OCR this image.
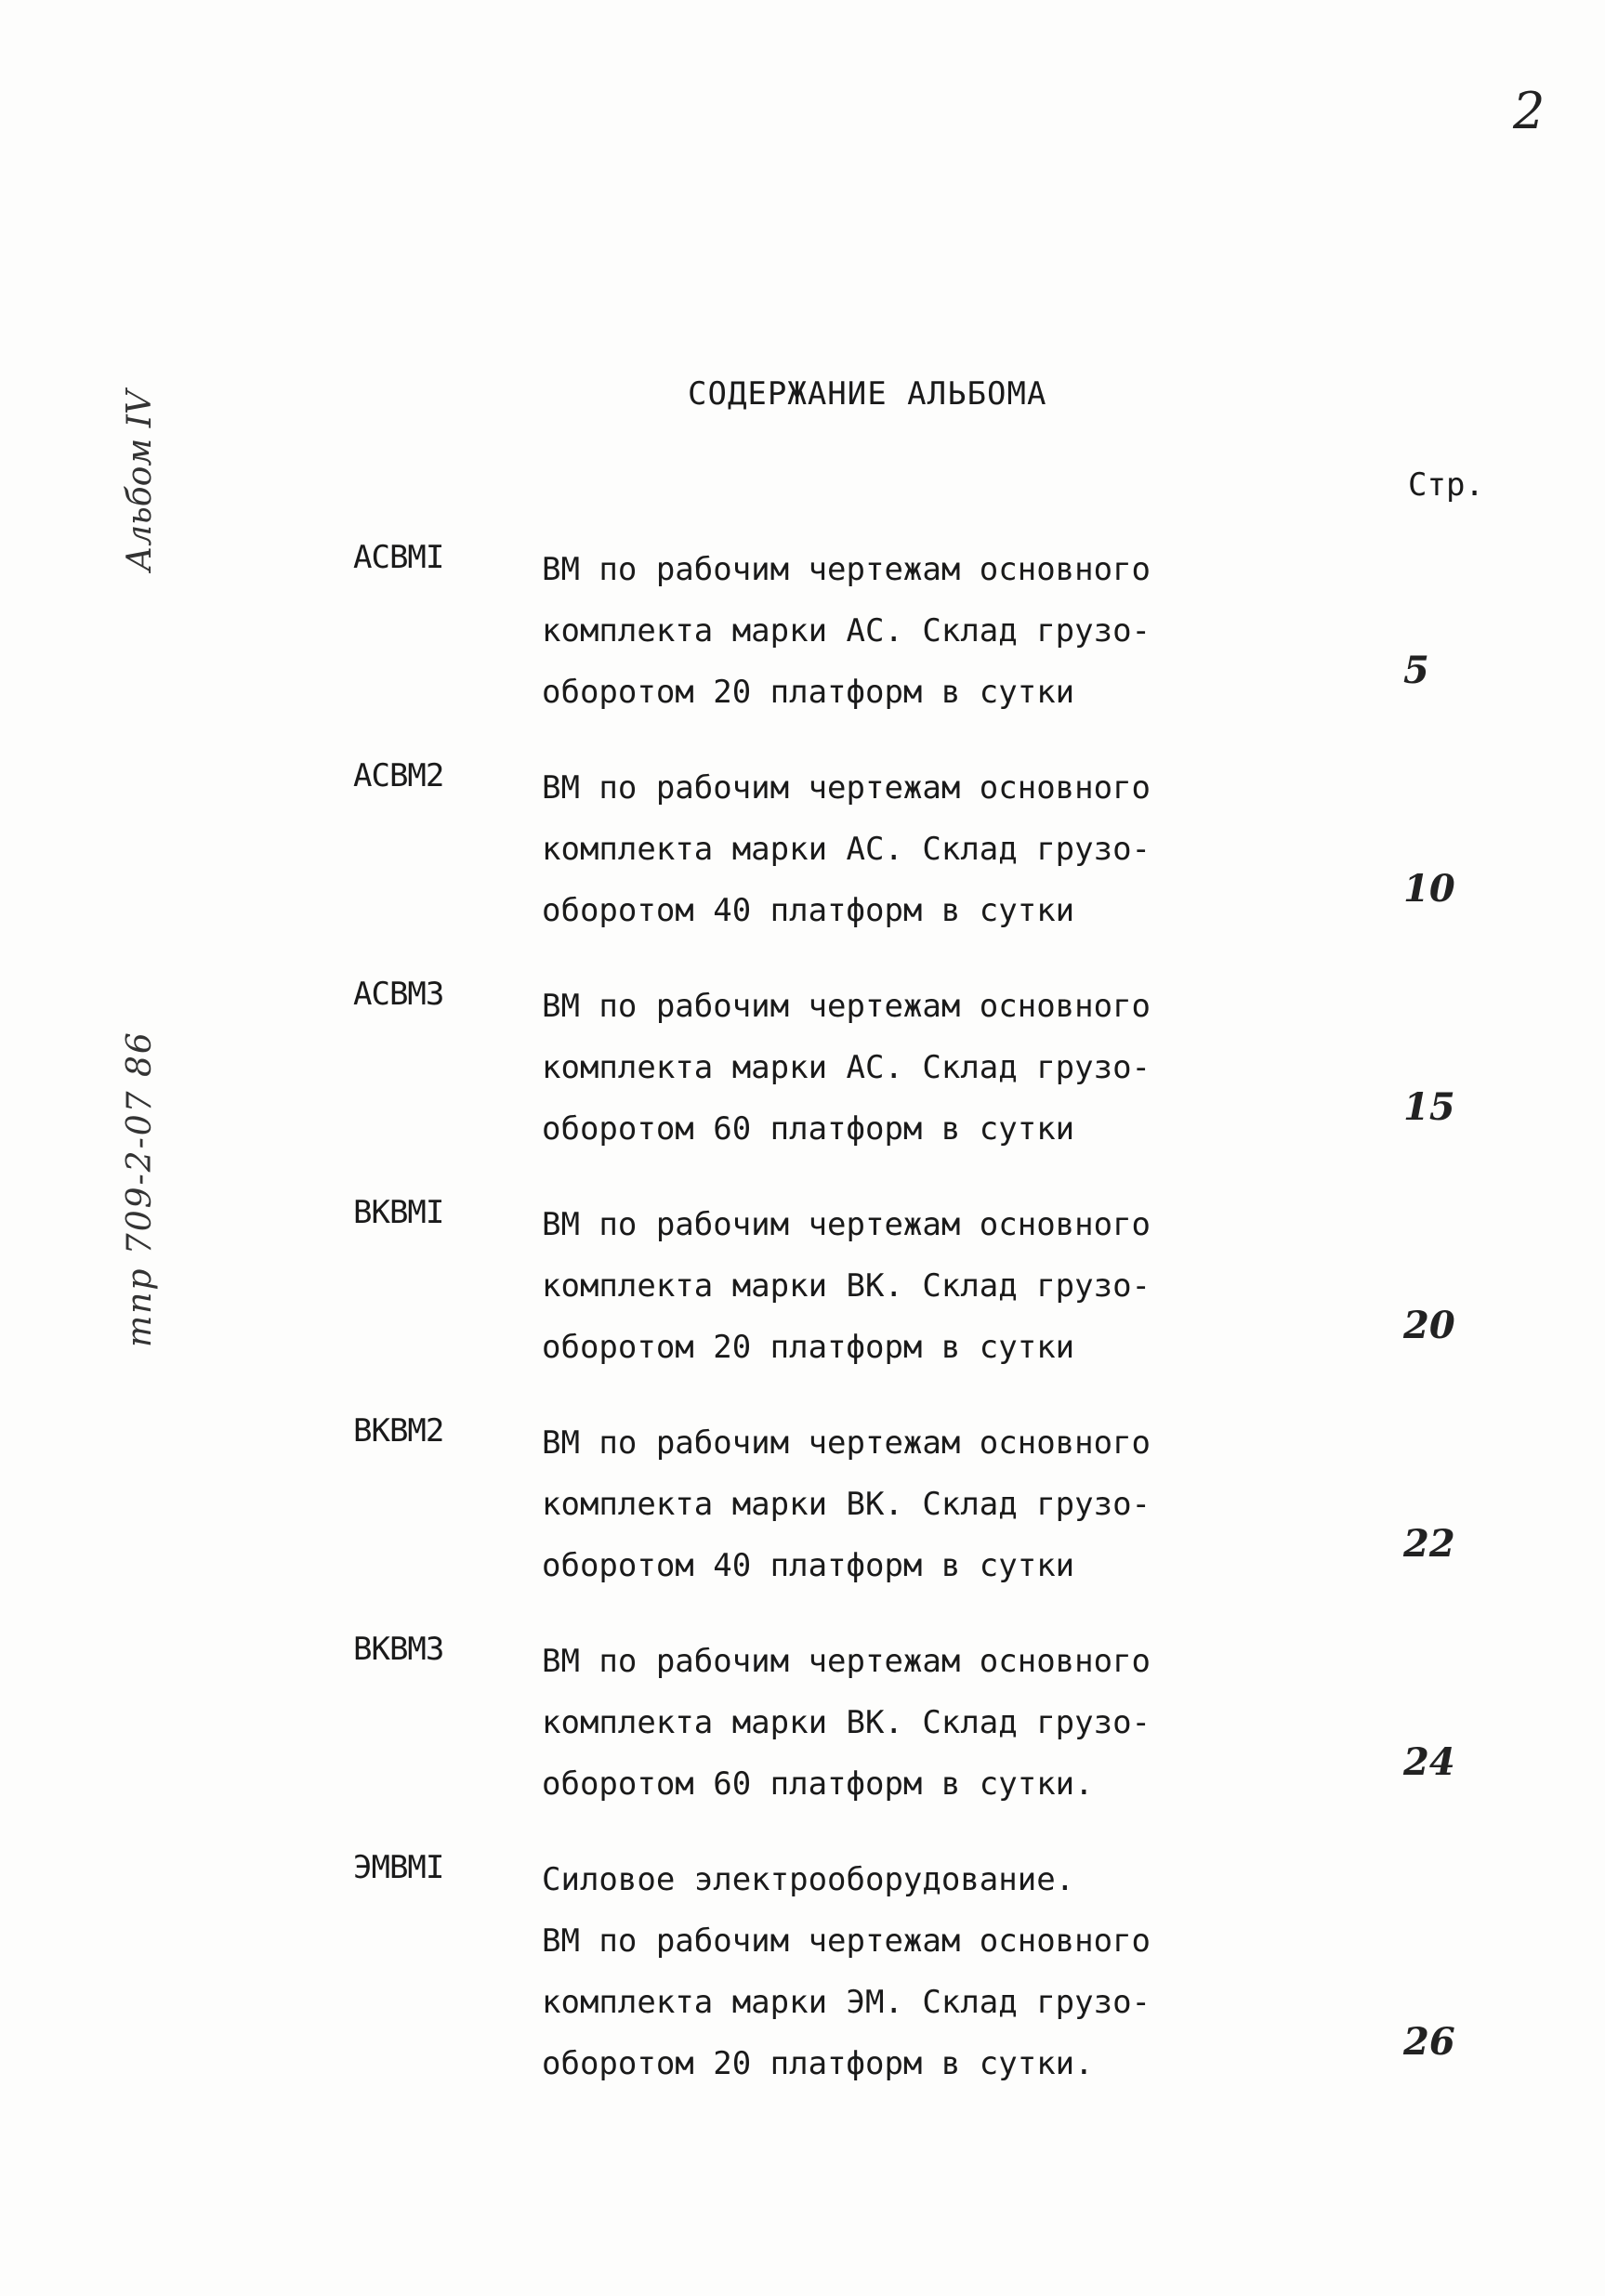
2
Альбом IV
тпр 709-2-07 86
СОДЕРЖАНИЕ АЛЬБОМА
Стр.
АСВМI	ВМ по рабочим чертежам основного
комплекта марки АС. Склад грузо-
оборотом 20 платформ в сутки	5
АСВМ2	ВМ по рабочим чертежам основного
комплекта марки АС. Склад грузо-
оборотом 40 платформ в сутки	10
АСВМ3	ВМ по рабочим чертежам основного
комплекта марки АС. Склад грузо-
оборотом 60 платформ в сутки	15
ВКВМI	ВМ по рабочим чертежам основного
комплекта марки ВК. Склад грузо-
оборотом 20 платформ в сутки	20
ВКВМ2	ВМ по рабочим чертежам основного
комплекта марки ВК. Склад грузо-
оборотом 40 платформ в сутки	22
ВКВМ3	ВМ по рабочим чертежам основного
комплекта марки ВК. Склад грузо-
оборотом 60 платформ в сутки.	24
ЭМВМI	Силовое электрооборудование.
ВМ по рабочим чертежам основного
комплекта марки ЭМ. Склад грузо-
оборотом 20 платформ в сутки.	26
